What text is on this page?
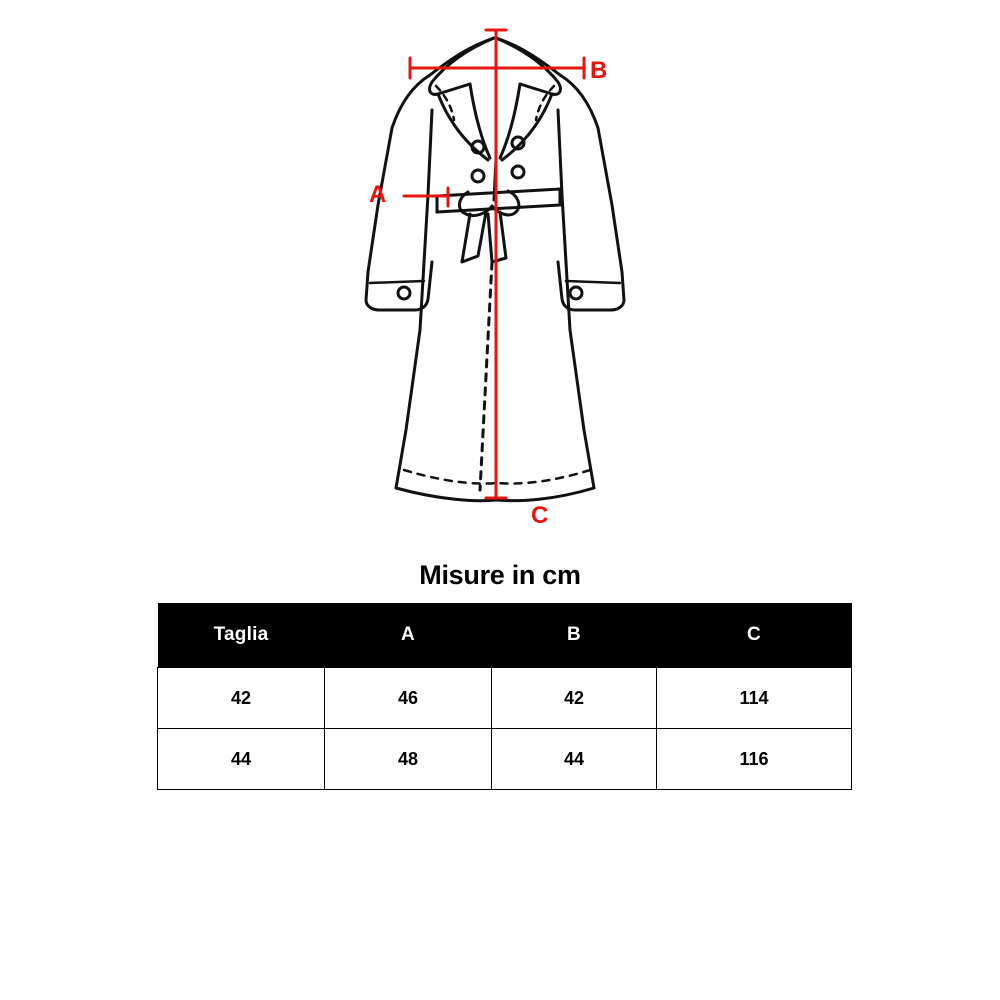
A
B
C
Misure in cm
Taglia	A	B	C
42	46	42	114
44	48	44	116
